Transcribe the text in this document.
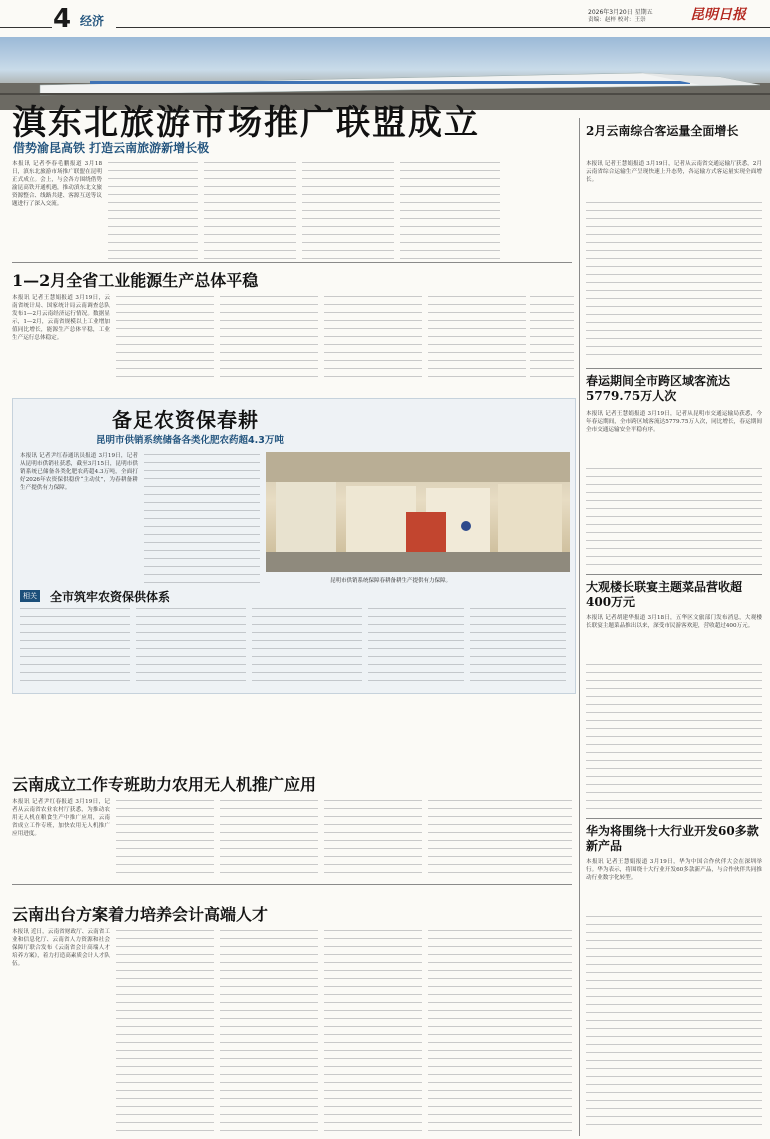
4 经济
2026年3月20日 星期五
责编：赵梓 校对：王崇	昆明日报
滇东北旅游市场推广联盟成立
借势渝昆高铁 打造云南旅游新增长极
本报讯 记者李春毛鹏报道 3月18日，滇东北旅游市场推广联盟在昆明正式成立。会上，与会各方围绕借势渝昆高铁开通机遇，推动滇东北文旅资源整合、线路共建、客源互送等议题进行了深入交流。
2月云南综合客运量全面增长
本报讯 记者王慧娟报道 3月19日，记者从云南省交通运输厅获悉，2月云南省综合运输生产呈现快速上升态势，各运输方式客运量实现全面增长。
春运期间全市跨区域客流达5779.75万人次
本报讯 记者王慧娟报道 3月19日，记者从昆明市交通运输局获悉，今年春运期间，全市跨区域客流达5779.75万人次，同比增长，春运期间全市交通运输安全平稳有序。
大观楼长联宴主题菜品营收超400万元
本报讯 记者胡建华报道 3月18日，五华区文旅部门发布消息，大观楼长联宴主题菜品推出以来，深受市民游客欢迎，营收超过400万元。
华为将围绕十大行业开发60多款新产品
本报讯 记者王慧娟报道 3月19日，华为中国合作伙伴大会在深圳举行。华为表示，将围绕十大行业开发60多款新产品，与合作伙伴共同推动行业数字化转型。
1—2月全省工业能源生产总体平稳
本报讯 记者王慧娟报道 3月19日，云南省统计局、国家统计局云南调查总队发布1—2月云南经济运行情况。数据显示，1—2月，云南省规模以上工业增加值同比增长，能源生产总体平稳，工业生产运行总体稳定。
备足农资保春耕
昆明市供销系统储备各类化肥农药超4.3万吨
本报讯 记者尹红春通讯员报道 3月19日，记者从昆明市供销社获悉，截至3月15日，昆明市供销系统已储备各类化肥农药超4.3万吨，全面打好2026年农资保供稳价“主动仗”，为春耕备耕生产提供有力保障。
昆明市供销系统保障春耕备耕生产提供有力保障。
相关 全市筑牢农资保供体系
云南成立工作专班助力农用无人机推广应用
本报讯 记者尹红春报道 3月19日，记者从云南省农业农村厅获悉，为推动农用无人机在粮食生产中推广应用，云南省成立工作专班，加快农用无人机推广应用进度。
云南出台方案着力培养会计高端人才
本报讯 近日，云南省财政厅、云南省工业和信息化厅、云南省人力资源和社会保障厅联合发布《云南省会计高端人才培养方案》，着力打造高素质会计人才队伍。
